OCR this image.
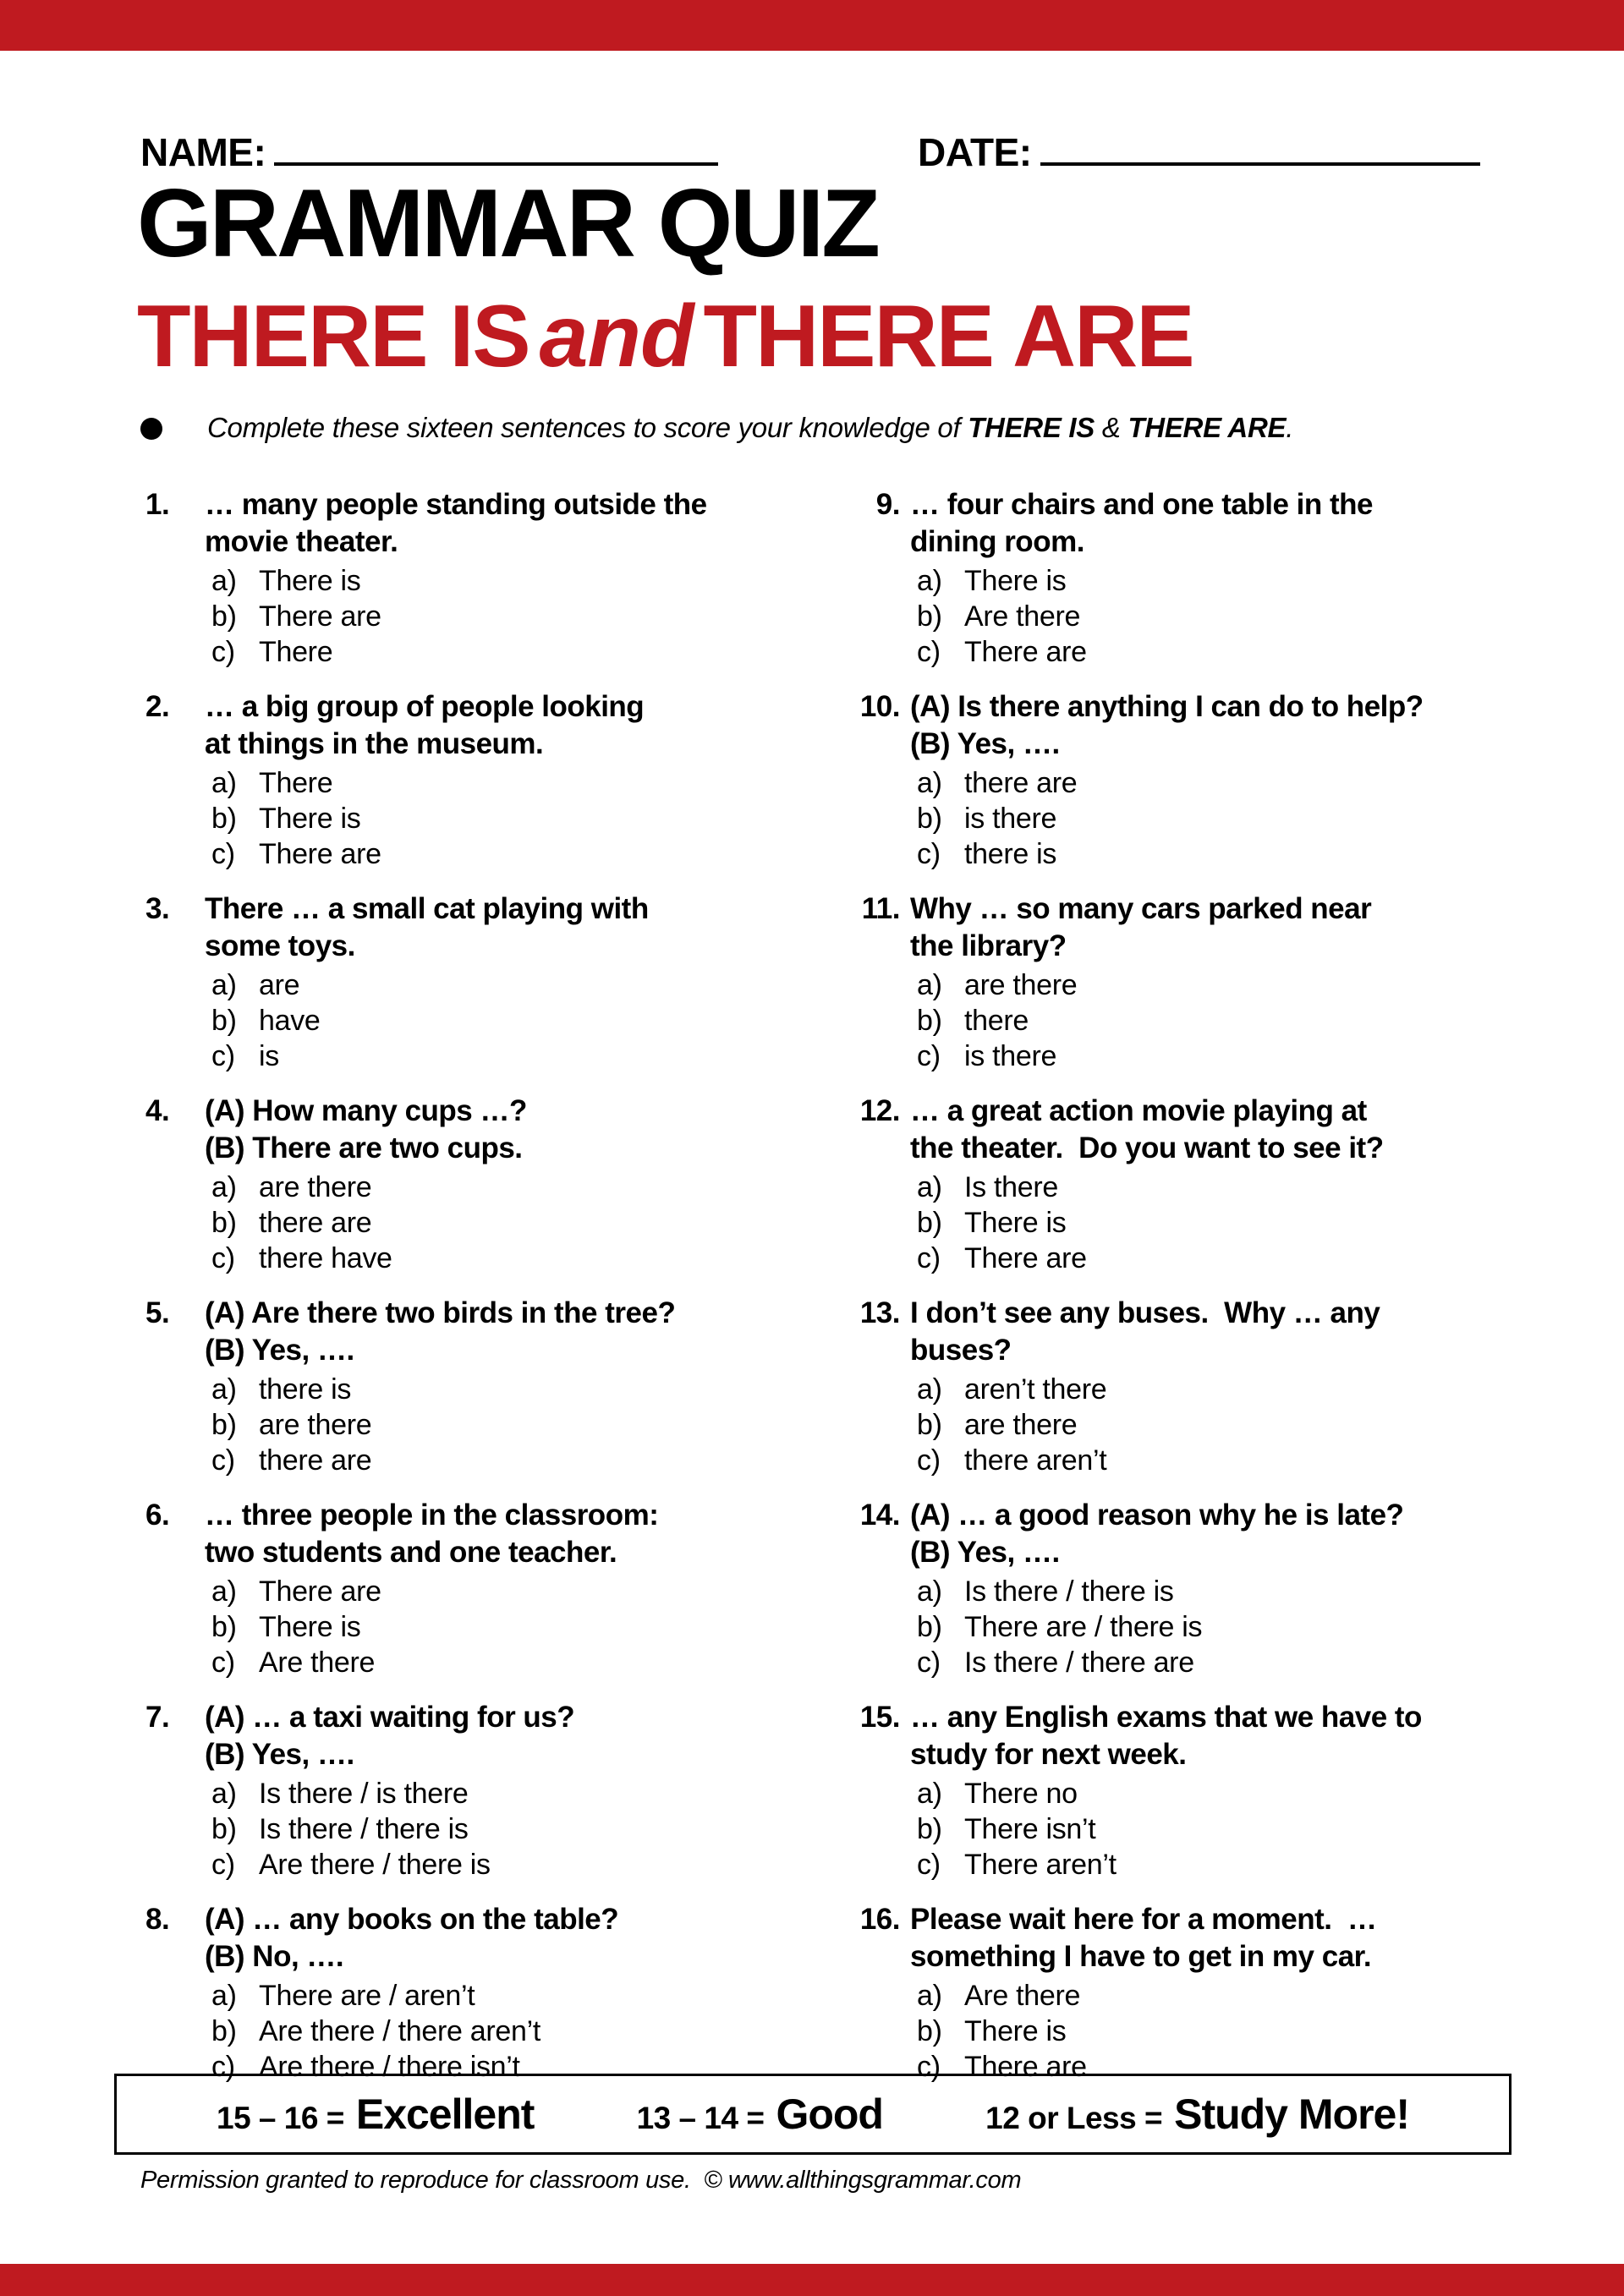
NAME:	DATE:
GRAMMAR QUIZ
THERE IS and THERE ARE
Complete these sixteen sentences to score your knowledge of THERE IS & THERE ARE.
1.	… many people standing outside the
movie theater.
a) There is
b) There are
c) There
2.	… a big group of people looking
at things in the museum.
a) There
b) There is
c) There are
3.	There … a small cat playing with
some toys.
a) are
b) have
c) is
4.	(A) How many cups …?
(B) There are two cups.
a) are there
b) there are
c) there have
5.	(A) Are there two birds in the tree?
(B) Yes, ….
a) there is
b) are there
c) there are
6.	… three people in the classroom:
two students and one teacher.
a) There are
b) There is
c) Are there
7.	(A) … a taxi waiting for us?
(B) Yes, ….
a) Is there / is there
b) Is there / there is
c) Are there / there is
8.	(A) … any books on the table?
(B) No, ….
a) There are / aren’t
b) Are there / there aren’t
c) Are there / there isn’t
9. … four chairs and one table in the
dining room.
a) There is
b) Are there
c) There are
10. (A) Is there anything I can do to help?
(B) Yes, ….
a) there are
b) is there
c) there is
11. Why … so many cars parked near
the library?
a) are there
b) there
c) is there
12. … a great action movie playing at
the theater.  Do you want to see it?
a) Is there
b) There is
c) There are
13. I don’t see any buses.  Why … any
buses?
a) aren’t there
b) are there
c) there aren’t
14. (A) … a good reason why he is late?
(B) Yes, ….
a) Is there / there is
b) There are / there is
c) Is there / there are
15. … any English exams that we have to
study for next week.
a) There no
b) There isn’t
c) There aren’t
16. Please wait here for a moment.  …
something I have to get in my car.
a) Are there
b) There is
c) There are
15 – 16 = Excellent	13 – 14 = Good	12 or Less = Study More!
Permission granted to reproduce for classroom use.  © www.allthingsgrammar.com
